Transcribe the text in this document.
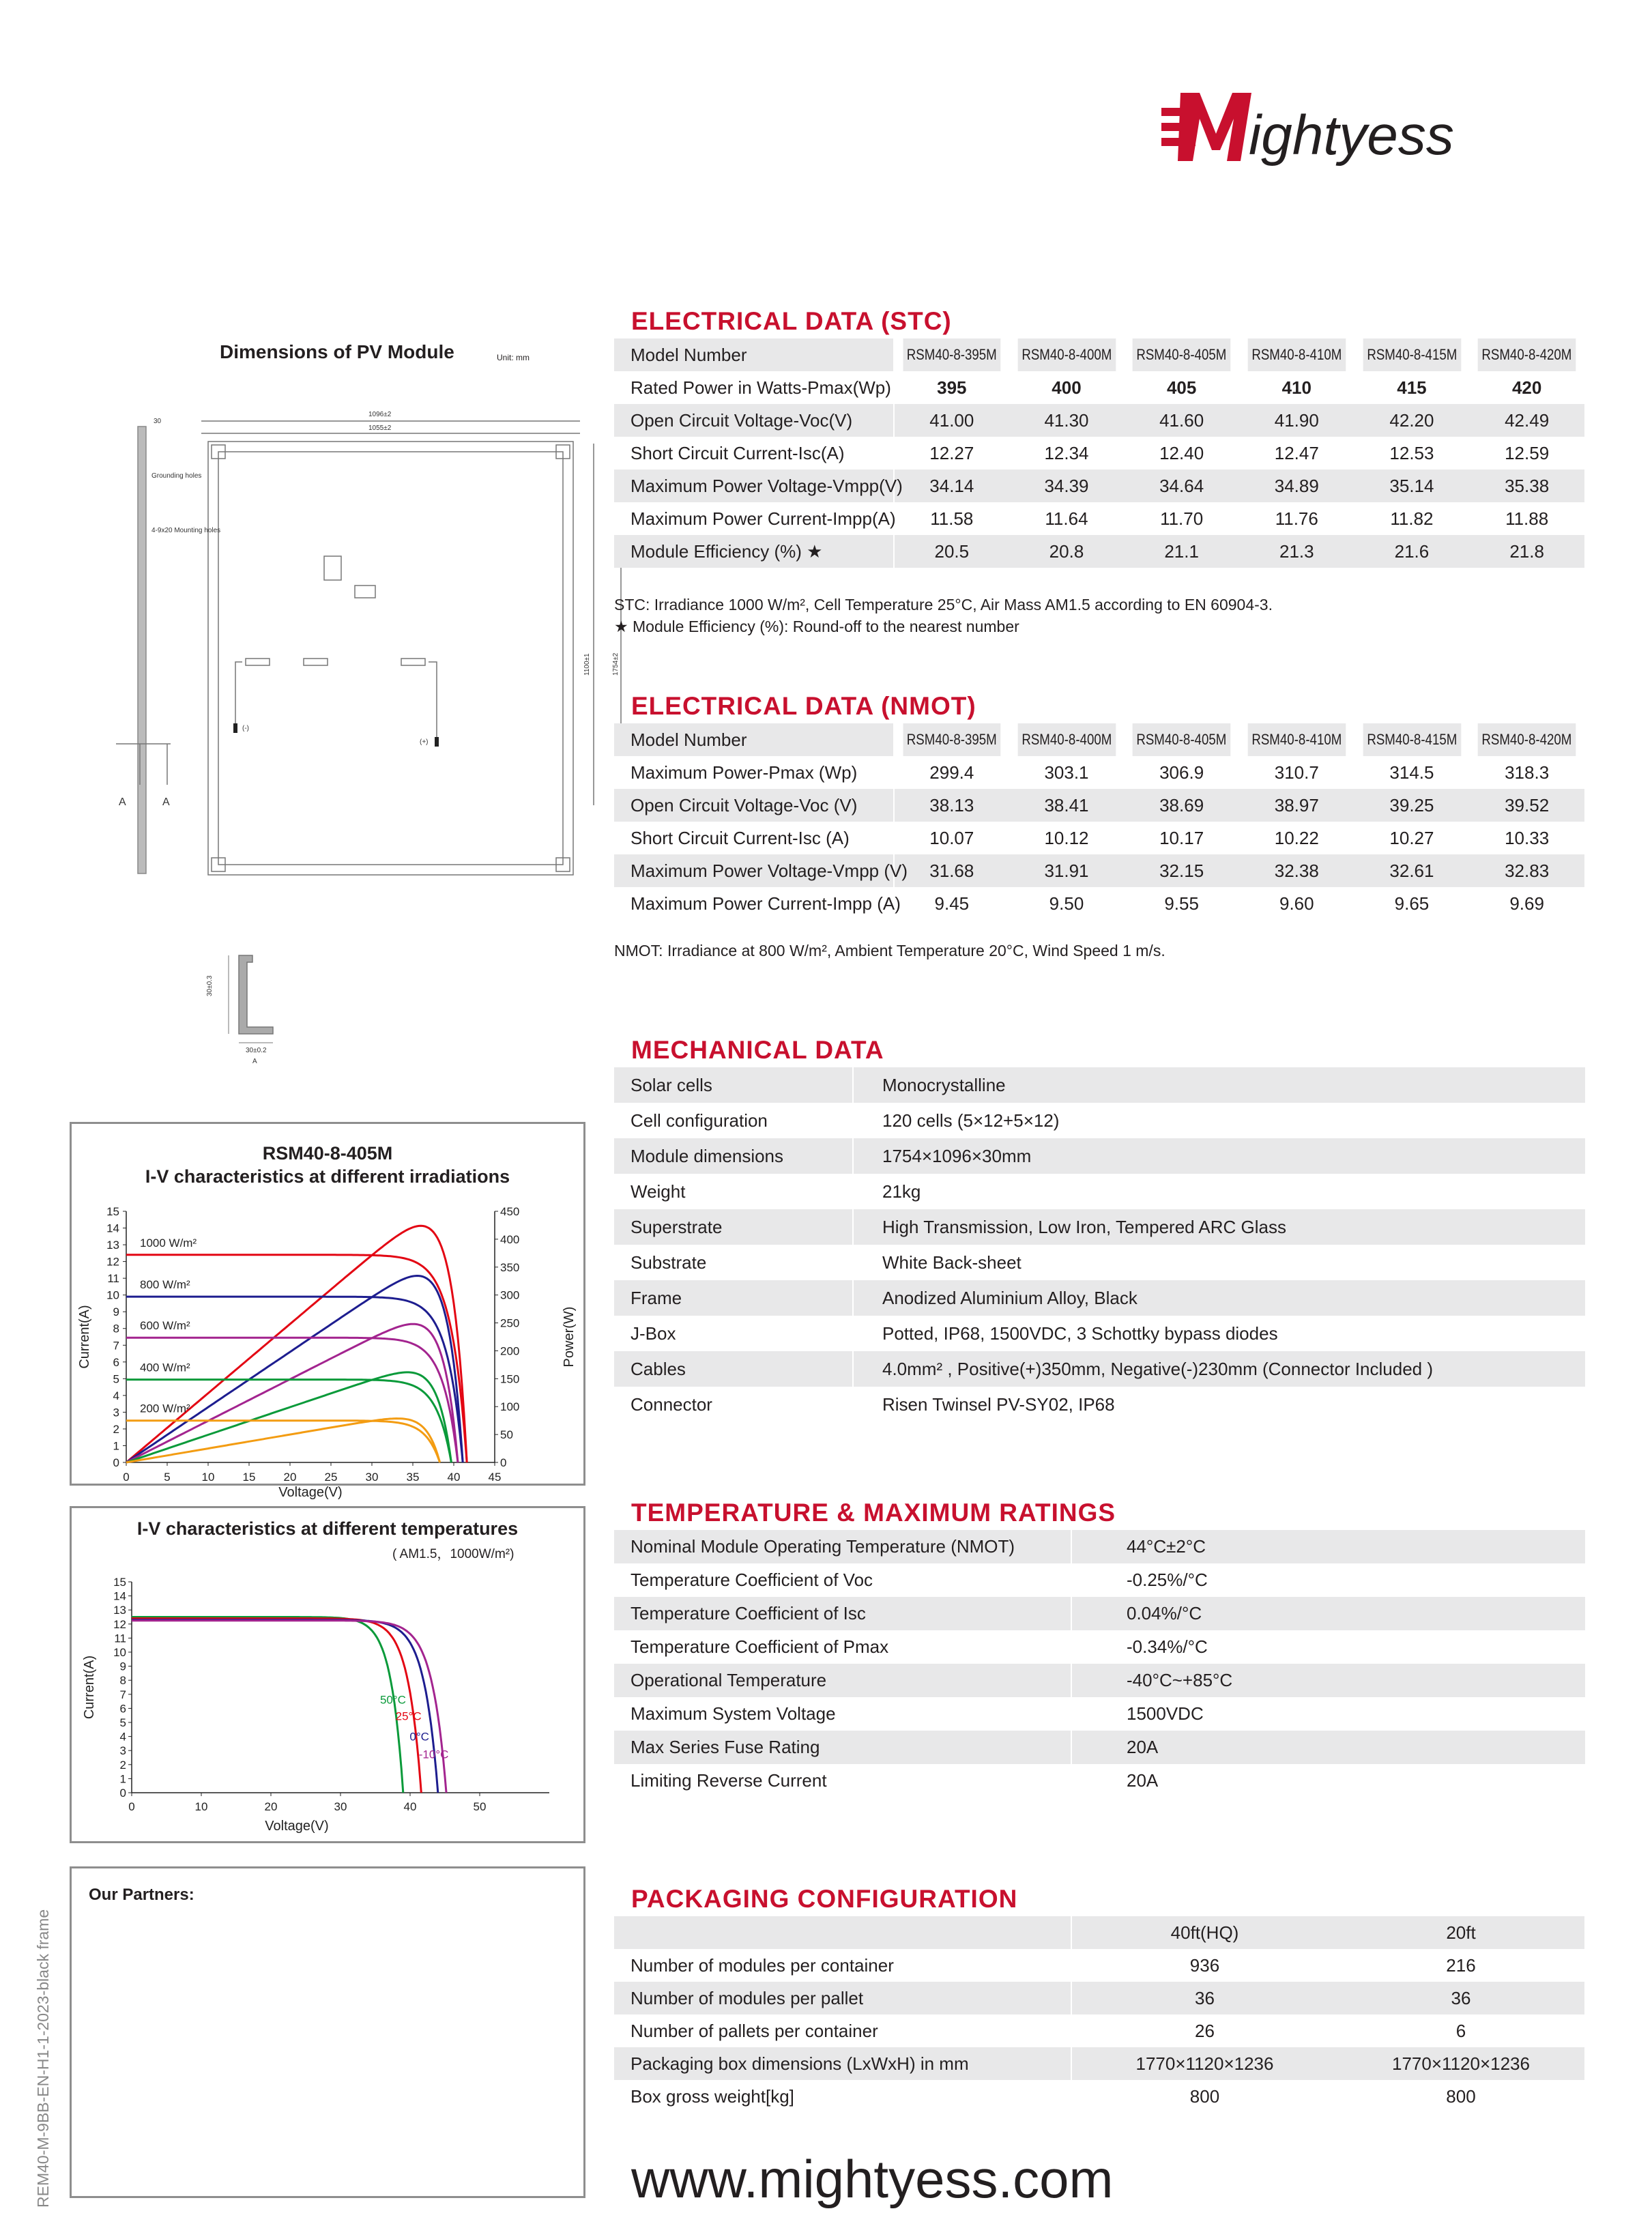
ightyess
Dimensions of PV Module	Unit: mm
1096±2
1055±2
30
Grounding holes
4-9x20 Mounting holes
(-)
(+)
A	A
1100±1	1754±2
30±0.3
30±0.2
A
RSM40-8-405M
I-V characteristics at different irradiations
0
1
2
3
4
5
6
7
8
9
10
11
12
13
14
15
0
50
100
150
200
250
300
350
400
450
0	5	10 15 20 25 30 35 40 45
Voltage(V)
Current(A)	Power(W)
1000 W/m²
800 W/m²
600 W/m²
400 W/m²
200 W/m²
I-V characteristics at different temperatures
( AM1.5，1000W/m²)
0
1
2
3
4
5
6
7
8
9
10
11
12
13
14
15
0	10	20	30	40	50
Voltage(V)
Current(A)	50°C
25°C
0°C
-10°C
Our Partners:
REM40-M-9BB-EN-H1-1-2023-black frame
ELECTRICAL DATA (STC)
Model Number	RSM40-8-395M	RSM40-8-400M	RSM40-8-405M	RSM40-8-410M	RSM40-8-415M	RSM40-8-420M
Rated Power in Watts-Pmax(Wp)	395	400	405	410	415	420
Open Circuit Voltage-Voc(V)	41.00	41.30	41.60	41.90	42.20	42.49
Short Circuit Current-Isc(A)	12.27	12.34	12.40	12.47	12.53	12.59
Maximum Power Voltage-Vmpp(V)	34.14	34.39	34.64	34.89	35.14	35.38
Maximum Power Current-Impp(A)	11.58	11.64	11.70	11.76	11.82	11.88
Module Efficiency (%) ★	20.5	20.8	21.1	21.3	21.6	21.8
STC: Irradiance 1000 W/m², Cell Temperature 25°C, Air Mass AM1.5 according to EN 60904-3.
★ Module Efficiency (%): Round-off to the nearest number
ELECTRICAL DATA (NMOT)
Model Number	RSM40-8-395M	RSM40-8-400M	RSM40-8-405M	RSM40-8-410M	RSM40-8-415M	RSM40-8-420M
Maximum Power-Pmax (Wp)	299.4	303.1	306.9	310.7	314.5	318.3
Open Circuit Voltage-Voc (V)	38.13	38.41	38.69	38.97	39.25	39.52
Short Circuit Current-Isc (A)	10.07	10.12	10.17	10.22	10.27	10.33
Maximum Power Voltage-Vmpp (V)	31.68	31.91	32.15	32.38	32.61	32.83
Maximum Power Current-Impp (A)	9.45	9.50	9.55	9.60	9.65	9.69
NMOT: Irradiance at 800 W/m², Ambient Temperature 20°C, Wind Speed 1 m/s.
MECHANICAL DATA
Solar cells	Monocrystalline
Cell configuration	120 cells (5×12+5×12)
Module dimensions	1754×1096×30mm
Weight	21kg
Superstrate	High Transmission, Low Iron, Tempered ARC Glass
Substrate	White Back-sheet
Frame	Anodized Aluminium Alloy, Black
J-Box	Potted, IP68, 1500VDC, 3 Schottky bypass diodes
Cables	4.0mm² , Positive(+)350mm, Negative(-)230mm (Connector Included )
Connector	Risen Twinsel PV-SY02, IP68
TEMPERATURE & MAXIMUM RATINGS
Nominal Module Operating Temperature (NMOT)	44°C±2°C
Temperature Coefficient of Voc	-0.25%/°C
Temperature Coefficient of Isc	0.04%/°C
Temperature Coefficient of Pmax	-0.34%/°C
Operational Temperature	-40°C~+85°C
Maximum System Voltage	1500VDC
Max Series Fuse Rating	20A
Limiting Reverse Current	20A
PACKAGING CONFIGURATION
	40ft(HQ)	20ft
Number of modules per container	936	216
Number of modules per pallet	36	36
Number of pallets per container	26	6
Packaging box dimensions (LxWxH) in mm	1770×1120×1236	1770×1120×1236
Box gross weight[kg]	800	800
www.mightyess.com
